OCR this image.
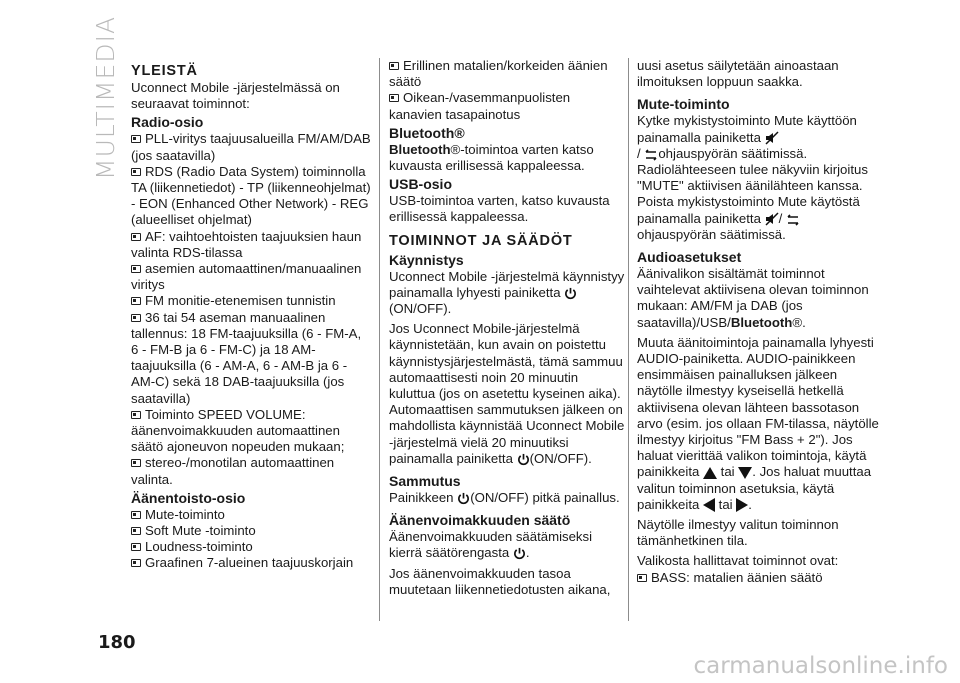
MULTIMEDIA
180
carmanualsonline.info
YLEISTÄ

Uconnect Mobile -järjestelmässä on seuraavat toiminnot:

Radio-osio

PLL-viritys taajuusalueilla FM/AM/DAB (jos saatavilla)

RDS (Radio Data System) toiminnolla TA (liikennetiedot) - TP (liikenneohjelmat) - EON (Enhanced Other Network) - REG (alueelliset ohjelmat)

AF: vaihtoehtoisten taajuuksien haun valinta RDS-tilassa

asemien automaattinen/manuaalinen viritys

FM monitie-etenemisen tunnistin

36 tai 54 aseman manuaalinen tallennus: 18 FM-taajuuksilla (6 - FM-A, 6 - FM-B ja 6 - FM-C) ja 18 AM-taajuuksilla (6 - AM-A, 6 - AM-B ja 6 - AM-C) sekä 18 DAB-taajuuksilla (jos saatavilla)

Toiminto SPEED VOLUME: äänenvoimakkuuden automaattinen säätö ajoneuvon nopeuden mukaan;

stereo-/monotilan automaattinen valinta.

Äänentoisto-osio

Mute-toiminto

Soft Mute -toiminto

Loudness-toiminto

Graafinen 7-alueinen taajuuskorjain

Erillinen matalien/korkeiden äänien säätö

Oikean-/vasemmanpuolisten kanavien tasapainotus

Bluetooth®

Bluetooth®-toimintoa varten katso kuvausta erillisessä kappaleessa.

USB-osio

USB-toimintoa varten, katso kuvausta erillisessä kappaleessa.

TOIMINNOT JA SÄÄDÖT
Käynnistys

Uconnect Mobile -järjestelmä käynnistyy painamalla lyhyesti painiketta (ON/OFF).

Jos Uconnect Mobile-järjestelmä käynnistetään, kun avain on poistettu käynnistysjärjestelmästä, tämä sammuu automaattisesti noin 20 minuutin kuluttua (jos on asetettu kyseinen aika). Automaattisen sammutuksen jälkeen on mahdollista käynnistää Uconnect Mobile -järjestelmä vielä 20 minuutiksi painamalla painiketta (ON/OFF).

Sammutus

Painikkeen (ON/OFF) pitkä painallus.

Äänenvoimakkuuden säätö

Äänenvoimakkuuden säätämiseksi kierrä säätörengasta .

Jos äänenvoimakkuuden tasoa muutetaan liikennetiedotusten aikana,

uusi asetus säilytetään ainoastaan ilmoituksen loppuun saakka.

Mute-toiminto

Kytke mykistystoiminto Mute käyttöön painamalla painiketta
/ ohjauspyörän säätimissä. Radiolähteeseen tulee näkyviin kirjoitus "MUTE" aktiivisen äänilähteen kanssa. Poista mykistystoiminto Mute käytöstä painamalla painiketta /
ohjauspyörän säätimissä.

Audioasetukset

Äänivalikon sisältämät toiminnot vaihtelevat aktiivisena olevan toiminnon mukaan: AM/FM ja DAB (jos saatavilla)/USB/Bluetooth®.

Muuta äänitoimintoja painamalla lyhyesti AUDIO-painiketta. AUDIO-painikkeen ensimmäisen painalluksen jälkeen näytölle ilmestyy kyseisellä hetkellä aktiivisena olevan lähteen bassotason arvo (esim. jos ollaan FM-tilassa, näytölle ilmestyy kirjoitus "FM Bass + 2"). Jos haluat vierittää valikon toimintoja, käytä painikkeita tai . Jos haluat muuttaa valitun toiminnon asetuksia, käytä painikkeita tai .

Näytölle ilmestyy valitun toiminnon tämänhetkinen tila.

Valikosta hallittavat toiminnot ovat:

BASS: matalien äänien säätö
